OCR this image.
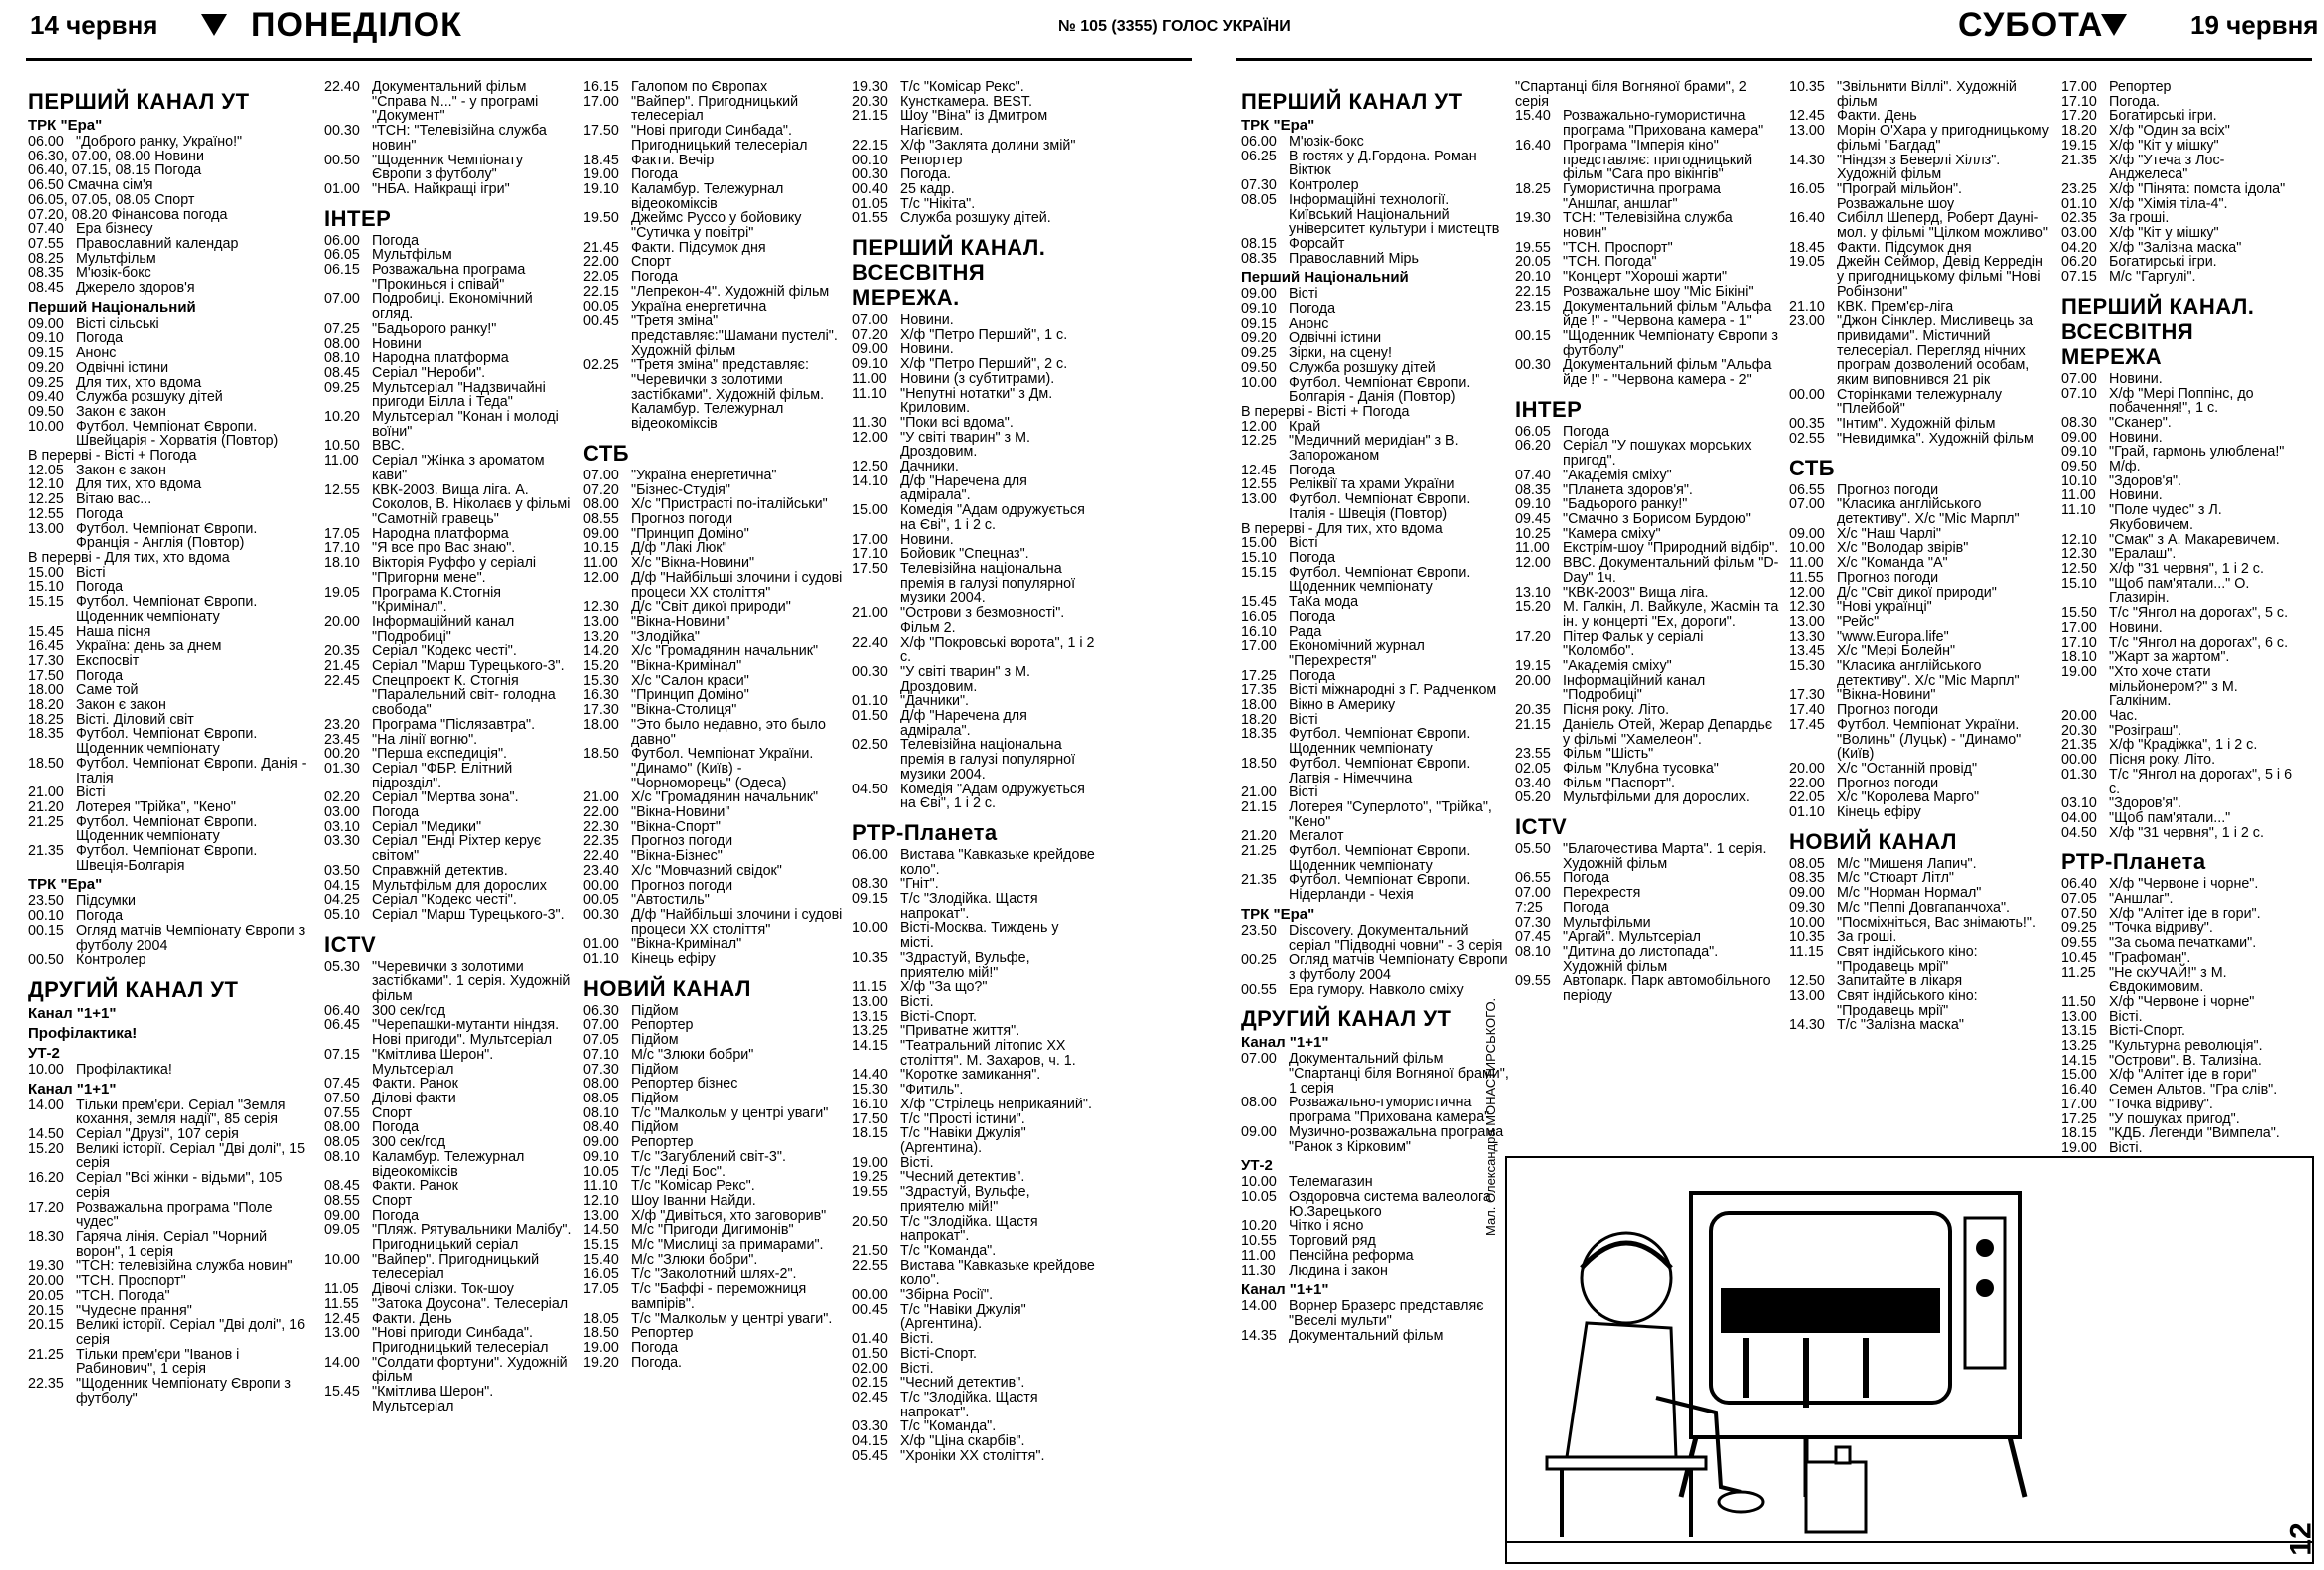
14 червня	ПОНЕДІЛОК	№ 105 (3355) ГОЛОС УКРАЇНИ	СУБОТА	19 червня
ПЕРШИЙ КАНАЛ УТ
ТРК "Ера"
06.00 "Доброго ранку, Україно!"
06.30, 07.00, 08.00 Новини
06.40, 07.15, 08.15 Погода
06.50 Смачна сім'я
06.05, 07.05, 08.05 Спорт
07.20, 08.20 Фінансова погода
07.40 Ера бізнесу
07.55 Православний календар
08.25 Мультфільм
08.35 М'юзік-бокс
08.45 Джерело здоров'я
Перший Національний
09.00 Вісті сільські
09.10 Погода
09.15 Анонс
09.20 Одвічні істини
09.25 Для тих, хто вдома
09.40 Служба розшуку дітей
09.50 Закон є закон
10.00 Футбол. Чемпіонат Європи. Швейцарія - Хорватія (Повтор)
В перерві - Вісті + Погода
12.05 Закон є закон
12.10 Для тих, хто вдома
12.25 Вітаю вас...
12.55 Погода
13.00 Футбол. Чемпіонат Європи. Франція - Англія (Повтор)
В перерві - Для тих, хто вдома
15.00 Вісті
15.10 Погода
15.15 Футбол. Чемпіонат Європи. Щоденник чемпіонату
15.45 Наша пісня
16.45 Україна: день за днем
17.30 Експосвіт
17.50 Погода
18.00 Саме той
18.20 Закон є закон
18.25 Вісті. Діловий світ
18.35 Футбол. Чемпіонат Європи. Щоденник чемпіонату
18.50 Футбол. Чемпіонат Європи. Данія - Італія
21.00 Вісті
21.20 Лотерея "Трійка", "Кено"
21.25 Футбол. Чемпіонат Європи. Щоденник чемпіонату
21.35 Футбол. Чемпіонат Європи. Швеція-Болгарія
ТРК "Ера"
23.50 Підсумки
00.10 Погода
00.15 Огляд матчів Чемпіонату Європи з футболу 2004
00.50 Контролер
ДРУГИЙ КАНАЛ УТ
Канал "1+1"
Профілактика!
УТ-2
10.00 Профілактика!
Канал "1+1"
14.00 Тільки прем'єри. Серіал "Земля кохання, земля надії", 85 серія
14.50 Серіал "Друзі", 107 серія
15.20 Великі історії. Серіал "Дві долі", 15 серія
16.20 Серіал "Всі жінки - відьми", 105 серія
17.20 Розважальна програма "Поле чудес"
18.30 Гаряча лінія. Серіал "Чорний ворон", 1 серія
19.30 "ТСН: телевізійна служба новин"
20.00 "ТСН. Проспорт"
20.05 "ТСН. Погода"
20.15 "Чудесне прання"
20.15 Великі історії. Серіал "Дві долі", 16 серія
21.25 Тільки прем'єри "Іванов і Рабинович", 1 серія
22.35 "Щоденник Чемпіонату Європи з футболу"
22.40 Документальний фільм "Справа N..." - у програмі "Документ"
00.30 "ТСН: "Телевізійна служба новин"
00.50 "Щоденник Чемпіонату Європи з футболу"
01.00 "НБА. Найкращі ігри"
ІНТЕР
06.00 Погода
06.05 Мультфільм
06.15 Розважальна програма "Прокинься і співай"
07.00 Подробиці. Економічний огляд.
07.25 "Бадьорого ранку!"
08.00 Новини
08.10 Народна платформа
08.45 Серіал "Нероби".
09.25 Мультсеріал "Надзвичайні пригоди Білла і Теда"
10.20 Мультсеріал "Конан і молоді воїни"
10.50 ВВС.
11.00 Серіал "Жінка з ароматом кави"
12.55 КВК-2003. Вища ліга. А. Соколов, В. Ніколаєв у фільмі "Самотній гравець"
17.05 Народна платформа
17.10 "Я все про Вас знаю".
18.10 Вікторія Руффо у серіалі "Пригорни мене".
19.05 Програма К.Стогнія "Кримінал".
20.00 Інформаційний канал "Подробиці"
20.35 Серіал "Кодекс честі".
21.45 Серіал "Марш Турецького-3".
22.45 Спецпроект К. Стогнія "Паралельний світ- голодна свобода"
23.20 Програма "Післязавтра".
23.45 "На лінії вогню".
00.20 "Перша експедиція".
01.30 Серіал "ФБР. Елітний підрозділ".
02.20 Серіал "Мертва зона".
03.00 Погода
03.10 Серіал "Медики"
03.30 Серіал "Енді Ріхтер керує світом"
03.50 Справжній детектив.
04.15 Мультфільм для дорослих
04.25 Серіал "Кодекс честі".
05.10 Серіал "Марш Турецького-3".
ICTV
05.30 "Черевички з золотими застібками". 1 серія. Художній фільм
06.40 300 сек/год
06.45 "Черепашки-мутанти ніндзя. Нові пригоди". Мультсеріал
07.15 "Кмітлива Шерон". Мультсеріал
07.45 Факти. Ранок
07.50 Ділові факти
07.55 Спорт
08.00 Погода
08.05 300 сек/год
08.10 Каламбур. Тележурнал відеокоміксів
08.45 Факти. Ранок
08.55 Спорт
09.00 Погода
09.05 "Пляж. Рятувальники Малібу". Пригодницький серіал
10.00 "Вайпер". Пригодницький телесеріал
11.05 Дівочі слізки. Ток-шоу
11.55 "Затока Доусона". Телесеріал
12.45 Факти. День
13.00 "Нові пригоди Синбада". Пригодницький телесеріал
14.00 "Солдати фортуни". Художній фільм
15.45 "Кмітлива Шерон". Мультсеріал
16.15 Галопом по Європах
17.00 "Вайпер". Пригодницький телесеріал
17.50 "Нові пригоди Синбада". Пригодницький телесеріал
18.45 Факти. Вечір
19.00 Погода
19.10 Каламбур. Тележурнал відеокоміксів
19.50 Джеймс Руссо у бойовику "Сутичка у повітрі"
21.45 Факти. Підсумок дня
22.00 Спорт
22.05 Погода
22.15 "Лепрекон-4". Художній фільм
00.05 Україна енергетична
00.45 "Третя зміна" представляє:"Шамани пустелі". Художній фільм
02.25 "Третя зміна" представляє: "Черевички з золотими застібками". Художній фільм. Каламбур. Тележурнал відеокоміксів
СТБ
07.00 "Україна енергетична"
07.20 "Бізнес-Студія"
08.00 Х/с "Пристрасті по-італійськи"
08.55 Прогноз погоди
09.00 "Принцип Доміно"
10.15 Д/ф "Лакі Люк"
11.00 Х/с "Вікна-Новини"
12.00 Д/ф "Найбільші злочини і судові процеси XX століття"
12.30 Д/с "Світ дикої природи"
13.00 "Вікна-Новини"
13.20 "Злодійка"
14.20 Х/с "Громадянин начальник"
15.20 "Вікна-Кримінал"
15.30 Х/с "Салон краси"
16.30 "Принцип Доміно"
17.30 "Вікна-Столиця"
18.00 "Это было недавно, это было давно"
18.50 Футбол. Чемпіонат України. "Динамо" (Київ) - "Чорноморець" (Одеса)
21.00 Х/с "Громадянин начальник"
22.00 "Вікна-Новини"
22.30 "Вікна-Спорт"
22.35 Прогноз погоди
22.40 "Вікна-Бізнес"
23.40 Х/с "Мовчазний свідок"
00.00 Прогноз погоди
00.05 "Автостиль"
00.30 Д/ф "Найбільші злочини і судові процеси XX століття"
01.00 "Вікна-Кримінал"
01.10 Кінець ефіру
НОВИЙ КАНАЛ
06.30 Підйом
07.00 Репортер
07.05 Підйом
07.10 М/с "Злюки бобри"
07.30 Підйом
08.00 Репортер бізнес
08.05 Підйом
08.10 Т/с "Малкольм у центрі уваги"
08.40 Підйом
09.00 Репортер
09.10 Т/с "Загублений світ-3".
10.05 Т/с "Леді Бос".
11.10 Т/с "Комісар Рекс".
12.10 Шоу Іванни Найди.
13.00 Х/ф "Дивіться, хто заговорив"
14.50 М/с "Пригоди Дигимонів"
15.15 М/с "Мислиці за примарами".
15.40 М/с "Злюки бобри".
16.05 Т/с "Заколотний шлях-2".
17.05 Т/с "Баффі - переможниця вампірів".
18.05 Т/с "Малкольм у центрі уваги".
18.50 Репортер
19.00 Погода
19.20 Погода.
19.30 Т/с "Комісар Рекс".
20.30 Кунсткамера. BEST.
21.15 Шоу "Віна" із Дмитром Нагієвим.
22.15 Х/ф "Заклята долини змій"
00.10 Репортер
00.30 Погода.
00.40 25 кадр.
01.05 Т/с "Нікіта".
01.55 Служба розшуку дітей.
ПЕРШИЙ КАНАЛ. ВСЕСВІТНЯ МЕРЕЖА.
07.00 Новини.
07.20 Х/ф "Петро Перший", 1 с.
09.00 Новини.
09.10 Х/ф "Петро Перший", 2 с.
11.00 Новини (з субтитрами).
11.10 "Непутні нотатки" з Дм. Криловим.
11.30 "Поки всі вдома".
12.00 "У світі тварин" з М. Дроздовим.
12.50 Дачники.
14.10 Д/ф "Наречена для адмірала".
15.00 Комедія "Адам одружується на Єві", 1 і 2 с.
17.00 Новини.
17.10 Бойовик "Спецназ".
17.50 Телевізійна національна премія в галузі популярної музики 2004.
21.00 "Острови з безмовності". Фільм 2.
22.40 Х/ф "Покровські ворота", 1 і 2 с.
00.30 "У світі тварин" з М. Дроздовим.
01.10 "Дачники".
01.50 Д/ф "Наречена для адмірала".
02.50 Телевізійна національна премія в галузі популярної музики 2004.
04.50 Комедія "Адам одружується на Єві", 1 і 2 с.
РТР-Планета
06.00 Вистава "Кавказьке крейдове коло".
08.30 "Гніт".
09.15 Т/с "Злодійка. Щастя напрокат".
10.00 Вісті-Москва. Тиждень у місті.
10.35 "Здрастуй, Вульфе, приятелю мій!"
11.15 Х/ф "За що?"
13.00 Вісті.
13.15 Вісті-Спорт.
13.25 "Приватне життя".
14.15 "Театральний літопис XX століття". М. Захаров, ч. 1.
14.40 "Коротке замикання".
15.30 "Фитиль".
16.10 Х/ф "Стрілець неприкаяний".
17.50 Т/с "Прості істини".
18.15 Т/с "Навіки Джулія" (Аргентина).
19.00 Вісті.
19.25 "Чесний детектив".
19.55 "Здрастуй, Вульфе, приятелю мій!"
20.50 Т/с "Злодійка. Щастя напрокат".
21.50 Т/с "Команда".
22.55 Вистава "Кавказьке крейдове коло".
00.00 "Збірна Росії".
00.45 Т/с "Навіки Джулія" (Аргентина).
01.40 Вісті.
01.50 Вісті-Спорт.
02.00 Вісті.
02.15 "Чесний детектив".
02.45 Т/с "Злодійка. Щастя напрокат".
03.30 Т/с "Команда".
04.15 Х/ф "Ціна скарбів".
05.45 "Хроніки XX століття".
ПЕРШИЙ КАНАЛ УТ
ТРК "Ера"
06.00 М'юзік-бокс
06.25 В гостях у Д.Гордона. Роман Віктюк
07.30 Контролер
08.05 Інформаційні технології. Київський Національний університет культури і мистецтв
08.15 Форсайт
08.35 Православний Мірь
Перший Національний
09.00 Вісті
09.10 Погода
09.15 Анонс
09.20 Одвічні істини
09.25 Зірки, на сцену!
09.50 Служба розшуку дітей
10.00 Футбол. Чемпіонат Європи. Болгарія - Данія (Повтор)
В перерві - Вісті + Погода
12.00 Край
12.25 "Медичний меридіан" з В. Запорожаном
12.45 Погода
12.55 Реліквії та храми України
13.00 Футбол. Чемпіонат Європи. Італія - Швеція (Повтор)
В перерві - Для тих, хто вдома
15.00 Вісті
15.10 Погода
15.15 Футбол. Чемпіонат Європи. Щоденник чемпіонату
15.45 ТаКа мода
16.05 Погода
16.10 Рада
17.00 Економічний журнал "Перехрестя"
17.25 Погода
17.35 Вісті міжнародні з Г. Радченком
18.00 Вікно в Америку
18.20 Вісті
18.35 Футбол. Чемпіонат Європи. Щоденник чемпіонату
18.50 Футбол. Чемпіонат Європи. Латвія - Німеччина
21.00 Вісті
21.15 Лотерея "Суперлото", "Трійка", "Кено"
21.20 Мегалот
21.25 Футбол. Чемпіонат Європи. Щоденник чемпіонату
21.35 Футбол. Чемпіонат Європи. Нідерланди - Чехія
ТРК "Ера"
23.50 Discovery. Документальний серіал "Підводні човни" - 3 серія
00.25 Огляд матчів Чемпіонату Європи з футболу 2004
00.55 Ера гумору. Навколо сміху
ДРУГИЙ КАНАЛ УТ
Канал "1+1"
07.00 Документальний фільм "Спартанці біля Вогняної брами", 1 серія
08.00 Розважально-гумористична програма "Прихована камера"
09.00 Музично-розважальна програма "Ранок з Кірковим"
УТ-2
10.00 Телемагазин
10.05 Оздоровча система валеолога Ю.Зарецького
10.20 Чітко і ясно
10.55 Торговий ряд
11.00 Пенсійна реформа
11.30 Людина і закон
Канал "1+1"
14.00 Ворнер Бразерс представляє "Веселі мульти"
14.35 Документальний фільм
"Спартанці біля Вогняної брами", 2 серія
15.40 Розважально-гумористична програма "Прихована камера"
16.40 Програма "Імперія кіно" представляє: пригодницький фільм "Сага про вікінгів"
18.25 Гумористична програма "Аншлаг, аншлаг"
19.30 ТСН: "Телевізійна служба новин"
19.55 "ТСН. Проспорт"
20.05 "ТСН. Погода"
20.10 "Концерт "Хороші жарти"
22.15 Розважальне шоу "Міс Бікіні"
23.15 Документальний фільм "Альфа йде !" - "Червона камера - 1"
00.15 "Щоденник Чемпіонату Європи з футболу"
00.30 Документальний фільм "Альфа йде !" - "Червона камера - 2"
ІНТЕР
06.05 Погода
06.20 Серіал "У пошуках морських пригод".
07.40 "Академія сміху"
08.35 "Планета здоров'я".
09.10 "Бадьорого ранку!"
09.45 "Смачно з Борисом Бурдою"
10.25 "Камера сміху"
11.00 Екстрім-шоу "Природний відбір".
12.00 ВВС. Документальний фільм "D-Day" 1ч.
13.10 "КВК-2003" Вища ліга.
15.20 М. Галкін, Л. Вайкуле, Жасмін та ін. у концерті "Ех, дороги".
17.20 Пітер Фальк у серіалі "Коломбо".
19.15 "Академія сміху"
20.00 Інформаційний канал "Подробиці"
20.35 Пісня року. Літо.
21.15 Даніель Отей, Жерар Депардьє у фільмі "Хамелеон".
23.55 Фільм "Шість"
02.05 Фільм "Клубна тусовка"
03.40 Фільм "Паспорт".
05.20 Мультфільми для дорослих.
ICTV
05.50 "Благочестива Марта". 1 серія. Художній фільм
06.55 Погода
07.00 Перехрестя
7:25	Погода
07.30 Мультфільми
07.45 "Аргай". Мультсеріал
08.10 "Дитина до листопада". Художній фільм
09.55 Автопарк. Парк автомобільного періоду
10.35 "Звільнити Віллі". Художній фільм
12.45 Факти. День
13.00 Морін О'Хара у пригодницькому фільмі "Багдад"
14.30 "Ніндзя з Беверлі Хіллз". Художній фільм
16.05 "Програй мільйон". Розважальне шоу
16.40 Сибілл Шеперд, Роберт Дауні-мол. у фільмі "Цілком можливо"
18.45 Факти. Підсумок дня
19.05 Джейн Сеймор, Девід Керредін у пригодницькому фільмі "Нові Робінзони"
21.10 КВК. Прем'єр-ліга
23.00 "Джон Сінклер. Мисливець за привидами". Містичний телесеріал. Перегляд нічних програм дозволений особам, яким виповнився 21 рік
00.00 Сторінками тележурналу "Плейбой"
00.35 "Інтим". Художній фільм
02.55 "Невидимка". Художній фільм
СТБ
06.55 Прогноз погоди
07.00 "Класика англійського детективу". Х/с "Міс Марпл"
09.00 Х/с "Наш Чарлі"
10.00 Х/с "Володар звірів"
11.00 Х/с "Команда "А"
11.55 Прогноз погоди
12.00 Д/с "Світ дикої природи"
12.30 "Нові українці"
13.00 "Рейс"
13.30 "www.Europa.life"
13.45 Х/с "Мері Болейн"
15.30 "Класика англійського детективу". Х/с "Міс Марпл"
17.30 "Вікна-Новини"
17.40 Прогноз погоди
17.45 Футбол. Чемпіонат України. "Волинь" (Луцьк) - "Динамо" (Київ)
20.00 Х/с "Останній провід"
22.00 Прогноз погоди
22.05 Х/с "Королева Марго"
01.10 Кінець ефіру
НОВИЙ КАНАЛ
08.05 М/с "Мишеня Лапич".
08.35 М/с "Стюарт Літл"
09.00 М/с "Норман Нормал"
09.30 М/с "Пеппі Довгапанчоха".
10.00 "Посміхніться, Вас знімають!".
10.35 За гроші.
11.15 Свят індійського кіно: "Продавець мрії"
12.50 Запитайте в лікаря
13.00 Свят індійського кіно: "Продавець мрії"
14.30 Т/с "Залізна маска"
17.00 Репортер
17.10 Погода.
17.20 Богатирські ігри.
18.20 Х/ф "Один за всіх"
19.15 Х/ф "Кіт у мішку"
21.35 Х/ф "Утеча з Лос-Анджелеса"
23.25 Х/ф "Пінята: помста ідола"
01.10 Х/ф "Хімія тіла-4".
02.35 За гроші.
03.00 Х/ф "Кіт у мішку"
04.20 Х/ф "Залізна маска"
06.20 Богатирські ігри.
07.15 М/с "Гаргулі".
ПЕРШИЙ КАНАЛ. ВСЕСВІТНЯ МЕРЕЖА
07.00 Новини.
07.10 Х/ф "Мері Поппінс, до побачення!", 1 с.
08.30 "Сканер".
09.00 Новини.
09.10 "Грай, гармонь улюблена!"
09.50 М/ф.
10.10 "Здоров'я".
11.00 Новини.
11.10 "Поле чудес" з Л. Якубовичем.
12.10 "Смак" з А. Макаревичем.
12.30 "Ералаш".
12.50 Х/ф "31 червня", 1 і 2 с.
15.10 "Щоб пам'ятали..." О. Глазирін.
15.50 Т/с "Янгол на дорогах", 5 с.
17.00 Новини.
17.10 Т/с "Янгол на дорогах", 6 с.
18.10 "Жарт за жартом".
19.00 "Хто хоче стати мільйонером?" з М. Галкіним.
20.00 Час.
20.30 "Розіграш".
21.35 Х/ф "Крадіжка", 1 і 2 с.
00.00 Пісня року. Літо.
01.30 Т/с "Янгол на дорогах", 5 і 6 с.
03.10 "Здоров'я".
04.00 "Щоб пам'ятали..."
04.50 Х/ф "31 червня", 1 і 2 с.
РТР-Планета
06.40 Х/ф "Червоне і чорне".
07.05 "Аншлаг".
07.50 Х/ф "Алітет іде в гори".
09.25 "Точка відриву".
09.55 "За сьома печатками".
10.45 "Графоман".
11.25 "Не скУЧАЙ!" з М. Євдокимовим.
11.50 Х/ф "Червоне і чорне"
13.00 Вісті.
13.15 Вісті-Спорт.
13.25 "Культурна революція".
14.15 "Острови". В. Тализіна.
15.00 Х/ф "Алітет іде в гори"
16.40 Семен Альтов. "Гра слів".
17.00 "Точка відриву".
17.25 "У пошуках пригод".
18.15 "КДБ. Легенди "Вимпела".
19.00 Вісті.
Мал. Олександра МОНАСТИРСЬКОГО.
12
